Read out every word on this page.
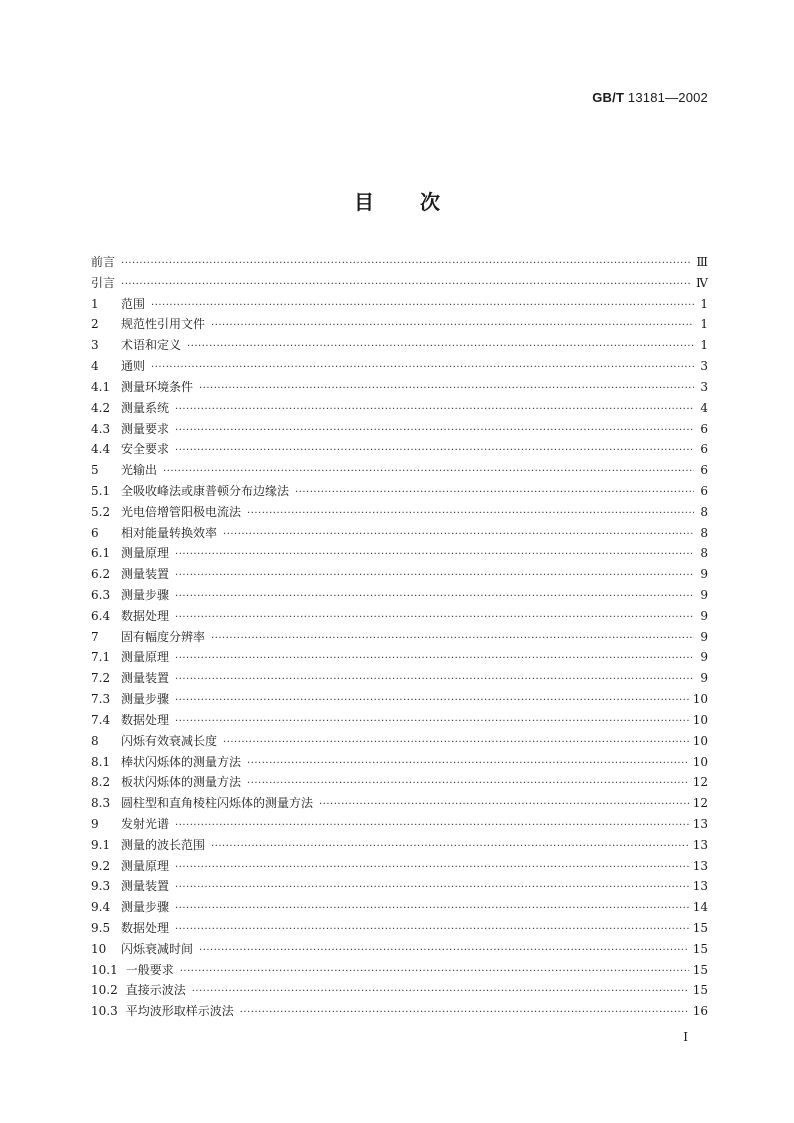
GB/T 13181—2002
目次
前言 ·····	Ⅲ
引言 ·····	Ⅳ
1 范围 ·····	1
2 规范性引用文件 ·····	1
3 术语和定义 ·····	1
4 通则 ·····	3
4.1 测量环境条件 ·····	3
4.2 测量系统 ·····	4
4.3 测量要求 ·····	6
4.4 安全要求 ·····	6
5 光输出 ·····	6
5.1 全吸收峰法或康普顿分布边缘法 ·····	6
5.2 光电倍增管阳极电流法 ·····	8
6 相对能量转换效率 ·····	8
6.1 测量原理 ·····	8
6.2 测量装置 ·····	9
6.3 测量步骤 ·····	9
6.4 数据处理 ·····	9
7 固有幅度分辨率 ·····	9
7.1 测量原理 ·····	9
7.2 测量装置 ·····	9
7.3 测量步骤 ·····	10
7.4 数据处理 ·····	10
8 闪烁有效衰减长度 ·····	10
8.1 棒状闪烁体的测量方法 ·····	10
8.2 板状闪烁体的测量方法 ·····	12
8.3 圆柱型和直角棱柱闪烁体的测量方法 ·····	12
9 发射光谱 ·····	13
9.1 测量的波长范围 ·····	13
9.2 测量原理 ·····	13
9.3 测量装置 ·····	13
9.4 测量步骤 ·····	14
9.5 数据处理 ·····	15
10 闪烁衰减时间 ·····	15
10.1 一般要求 ·····	15
10.2 直接示波法 ·····	15
10.3 平均波形取样示波法 ·····	16
I
